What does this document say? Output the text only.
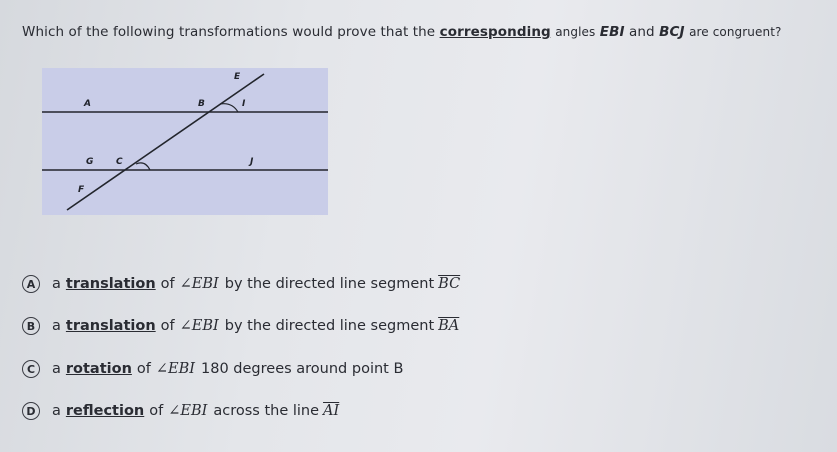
Which of the following transformations would prove that the corresponding angles EBI and BCJ are congruent?
E
A	B	I
G	C	J
F
A	a translation of ∠EBI by the directed line segment $\overline{BC}$
B	a translation of ∠EBI by the directed line segment $\overline{BA}$
C	a rotation of ∠EBI 180 degrees around point B
D	a reflection of ∠EBI across the line $\overline{AI}$
